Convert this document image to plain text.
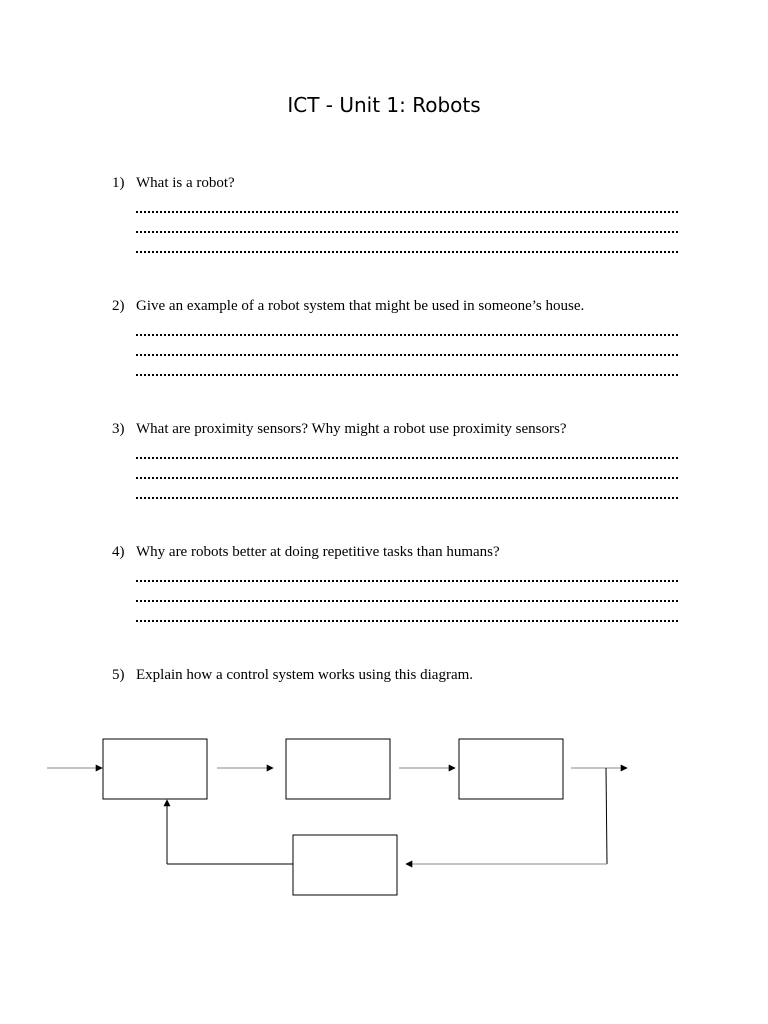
ICT - Unit 1: Robots
1) What is a robot?
2) Give an example of a robot system that might be used in someone’s house.
3) What are proximity sensors? Why might a robot use proximity sensors?
4) Why are robots better at doing repetitive tasks than humans?
5) Explain how a control system works using this diagram.
